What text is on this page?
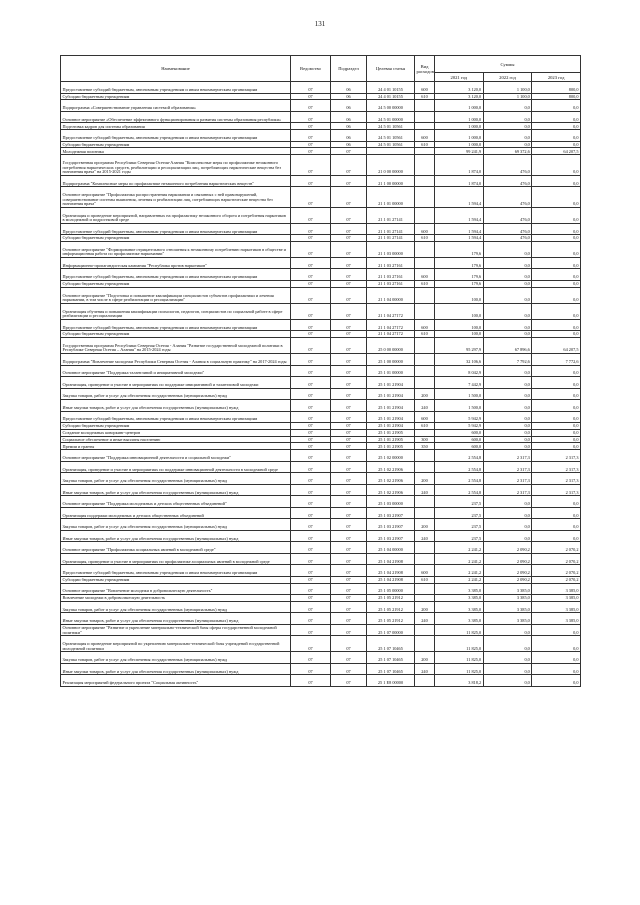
131
Наименование	Ведомство	Подраздел	Целевая статья	Вид расходов	Суммы		
					2021 год	2022 год	2023 год
Предоставление субсидий бюджетным, автономным учреждениям и иным некоммерческим организациям	07	06	24 4 01 10155	600	3 120,0	1 100,0	800,0
Субсидии бюджетным учреждениям	07	06	24 4 01 10155	610	3 120,0	1 100,0	800,0
Подпрограмма «Совершенствование управления системой образования»	07	06	24 5 00 00000		1 000,0	0,0	0,0
Основное мероприятие «Обеспечение эффективного функционирования и развития системы образования республики»	07	06	24 5 01 00000		1 000,0	0,0	0,0
Подготовка кадров для системы образования	07	06	24 5 01 10561		1 000,0	0,0	0,0
Предоставление субсидий бюджетным, автономным учреждениям и иным некоммерческим организациям	07	06	24 5 01 10561	600	1 000,0	0,0	0,0
Субсидии бюджетным учреждениям	07	06	24 5 01 10561	610	1 000,0	0,0	0,0
Молодежная политика	07	07			99 241,9	69 372,6	64 207,5
Государственная программа Республики Северная Осетия-Алания "Комплексные меры по профилактике незаконного потребления наркотических средств, реабилитации и ресоциализации лиц, потребляющих наркотические вещества без назначения врача" на 2015-2021 годы	07	07	21 0 00 00000		1 874,0	476,0	0,0
Подпрограмма "Комплексные меры по профилактике незаконного потребления наркотических веществ"	07	07	21 1 00 00000		1 874,0	476,0	0,0
Основное мероприятие "Профилактика распространения наркомании и связанных с ней правонарушений, совершенствование системы выявления, лечения и реабилитации лиц, потребляющих наркотические вещества без назначения врача"	07	07	21 1 01 00000		1 594,4	476,0	0,0
Организация и проведение мероприятий, направленных на профилактику незаконного оборота и потребления наркотиков в молодежной и подростковой среде	07	07	21 1 01 27141		1 594,4	476,0	0,0
Предоставление субсидий бюджетным, автономным учреждениям и иным некоммерческим организациям	07	07	21 1 01 27141	600	1 594,4	476,0	0,0
Субсидии бюджетным учреждениям	07	07	21 1 01 27141	610	1 594,4	476,0	0,0
Основное мероприятие "Формирование отрицательного отношения к незаконному потреблению наркотиков в обществе и информационная работа по профилактике наркомании"	07	07	21 1 03 00000		179,6	0,0	0,0
Информационно-пропагандистская кампания "Республика против наркотиков"	07	07	21 1 03 27161		179,6	0,0	0,0
Предоставление субсидий бюджетным, автономным учреждениям и иным некоммерческим организациям	07	07	21 1 03 27161	600	179,6	0,0	0,0
Субсидии бюджетным учреждениям	07	07	21 1 03 27161	610	179,6	0,0	0,0
Основное мероприятие "Подготовка и повышение квалификации специалистов субъектов профилактики и лечения наркомании, в том числе в сфере реабилитации и ресоциализации"	07	07	21 1 04 00000		100,0	0,0	0,0
Организация обучения и повышения квалификации психологов, педагогов, специалистов по социальной работе в сфере реабилитации и ресоциализации	07	07	21 1 04 27172		100,0	0,0	0,0
Предоставление субсидий бюджетным, автономным учреждениям и иным некоммерческим организациям	07	07	21 1 04 27172	600	100,0	0,0	0,0
Субсидии бюджетным учреждениям	07	07	21 1 04 27172	610	100,0	0,0	0,0
Государственная программа Республики Северная Осетия - Алания "Развитие государственной молодежной политики в Республике Северная Осетия – Алания" на 2015-2024 годы	07	07	25 0 00 00000		95 297,9	67 896,6	64 207,5
Подпрограмма "Вовлечение молодежи Республики Северная Осетия - Алания в социальную практику" на 2017-2024 годы	07	07	25 1 00 00000		32 106,6	7 792,6	7 772,6
Основное мероприятие "Поддержка талантливой и инициативной молодежи"	07	07	25 1 01 00000		8 042,9	0,0	0,0
Организация, проведение и участие в мероприятиях по поддержке инициативной и талантливой молодежи	07	07	25 1 01 21904		7 442,9	0,0	0,0
Закупка товаров, работ и услуг для обеспечения государственных (муниципальных) нужд	07	07	25 1 01 21904	200	1 500,0	0,0	0,0
Иные закупки товаров, работ и услуг для обеспечения государственных (муниципальных) нужд	07	07	25 1 01 21904	240	1 500,0	0,0	0,0
Предоставление субсидий бюджетным, автономным учреждениям и иным некоммерческим организациям	07	07	25 1 01 21904	600	5 942,9	0,0	0,0
Субсидии бюджетным учреждениям	07	07	25 1 01 21904	610	5 942,9	0,0	0,0
Создание молодежных коворкинг-центров	07	07	25 1 01 21905		600,0	0,0	0,0
Социальное обеспечение и иные выплаты населению	07	07	25 1 01 21905	300	600,0	0,0	0,0
Премии и гранты	07	07	25 1 01 21905	350	600,0	0,0	0,0
Основное мероприятие "Поддержка инновационной деятельности и социальной молодежи"	07	07	25 1 02 00000		2 554,8	2 317,3	2 317,3
Организация, проведение и участие в мероприятиях по поддержке инновационной деятельности в молодежной среде	07	07	25 1 02 21906		2 554,8	2 317,3	2 317,3
Закупка товаров, работ и услуг для обеспечения государственных (муниципальных) нужд	07	07	25 1 02 21906	200	2 554,8	2 317,3	2 317,3
Иные закупки товаров, работ и услуг для обеспечения государственных (муниципальных) нужд	07	07	25 1 02 21906	240	2 554,8	2 317,3	2 317,3
Основное мероприятие "Поддержка молодежных и детских общественных объединений"	07	07	25 1 03 00000		237,5	0,0	0,0
Организация поддержки молодежных и детских общественных объединений	07	07	25 1 03 21907		237,5	0,0	0,0
Закупка товаров, работ и услуг для обеспечения государственных (муниципальных) нужд	07	07	25 1 03 21907	200	237,5	0,0	0,0
Иные закупки товаров, работ и услуг для обеспечения государственных (муниципальных) нужд	07	07	25 1 03 21907	240	237,5	0,0	0,0
Основное мероприятие "Профилактика асоциальных явлений в молодежной среде"	07	07	25 1 04 00000		2 241,2	2 090,2	2 070,2
Организация, проведение и участие в мероприятиях по профилактике асоциальных явлений в молодежной среде	07	07	25 1 04 21908		2 241,2	2 090,2	2 070,2
Предоставление субсидий бюджетным, автономным учреждениям и иным некоммерческим организациям	07	07	25 1 04 21908	600	2 241,2	2 090,2	2 070,2
Субсидии бюджетным учреждениям	07	07	25 1 04 21908	610	2 241,2	2 090,2	2 070,2
Основное мероприятие "Вовлечение молодежи в добровольческую деятельность"	07	07	25 1 05 00000		3 385,0	3 385,0	3 385,0
Вовлечение молодежи в добровольческую деятельность	07	07	25 1 05 21912		3 385,0	3 385,0	3 385,0
Закупка товаров, работ и услуг для обеспечения государственных (муниципальных) нужд	07	07	25 1 05 21912	200	3 385,0	3 385,0	3 385,0
Иные закупки товаров, работ и услуг для обеспечения государственных (муниципальных) нужд	07	07	25 1 05 21912	240	3 385,0	3 385,0	3 385,0
Основное мероприятие "Развитие и укрепление материально-технической базы сферы государственной молодежной политики"	07	07	25 1 07 00000		11 825,0	0,0	0,0
Организация и проведение мероприятий по укреплению материально-технической базы учреждений государственной молодежной политики	07	07	25 1 07 10465		11 825,0	0,0	0,0
Закупка товаров, работ и услуг для обеспечения государственных (муниципальных) нужд	07	07	25 1 07 10465	200	11 825,0	0,0	0,0
Иные закупки товаров, работ и услуг для обеспечения государственных (муниципальных) нужд	07	07	25 1 07 10465	240	11 825,0	0,0	0,0
Реализация мероприятий федерального проекта "Социальная активность"	07	07	25 1 Е8 00000		3 818,2	0,0	0,0
